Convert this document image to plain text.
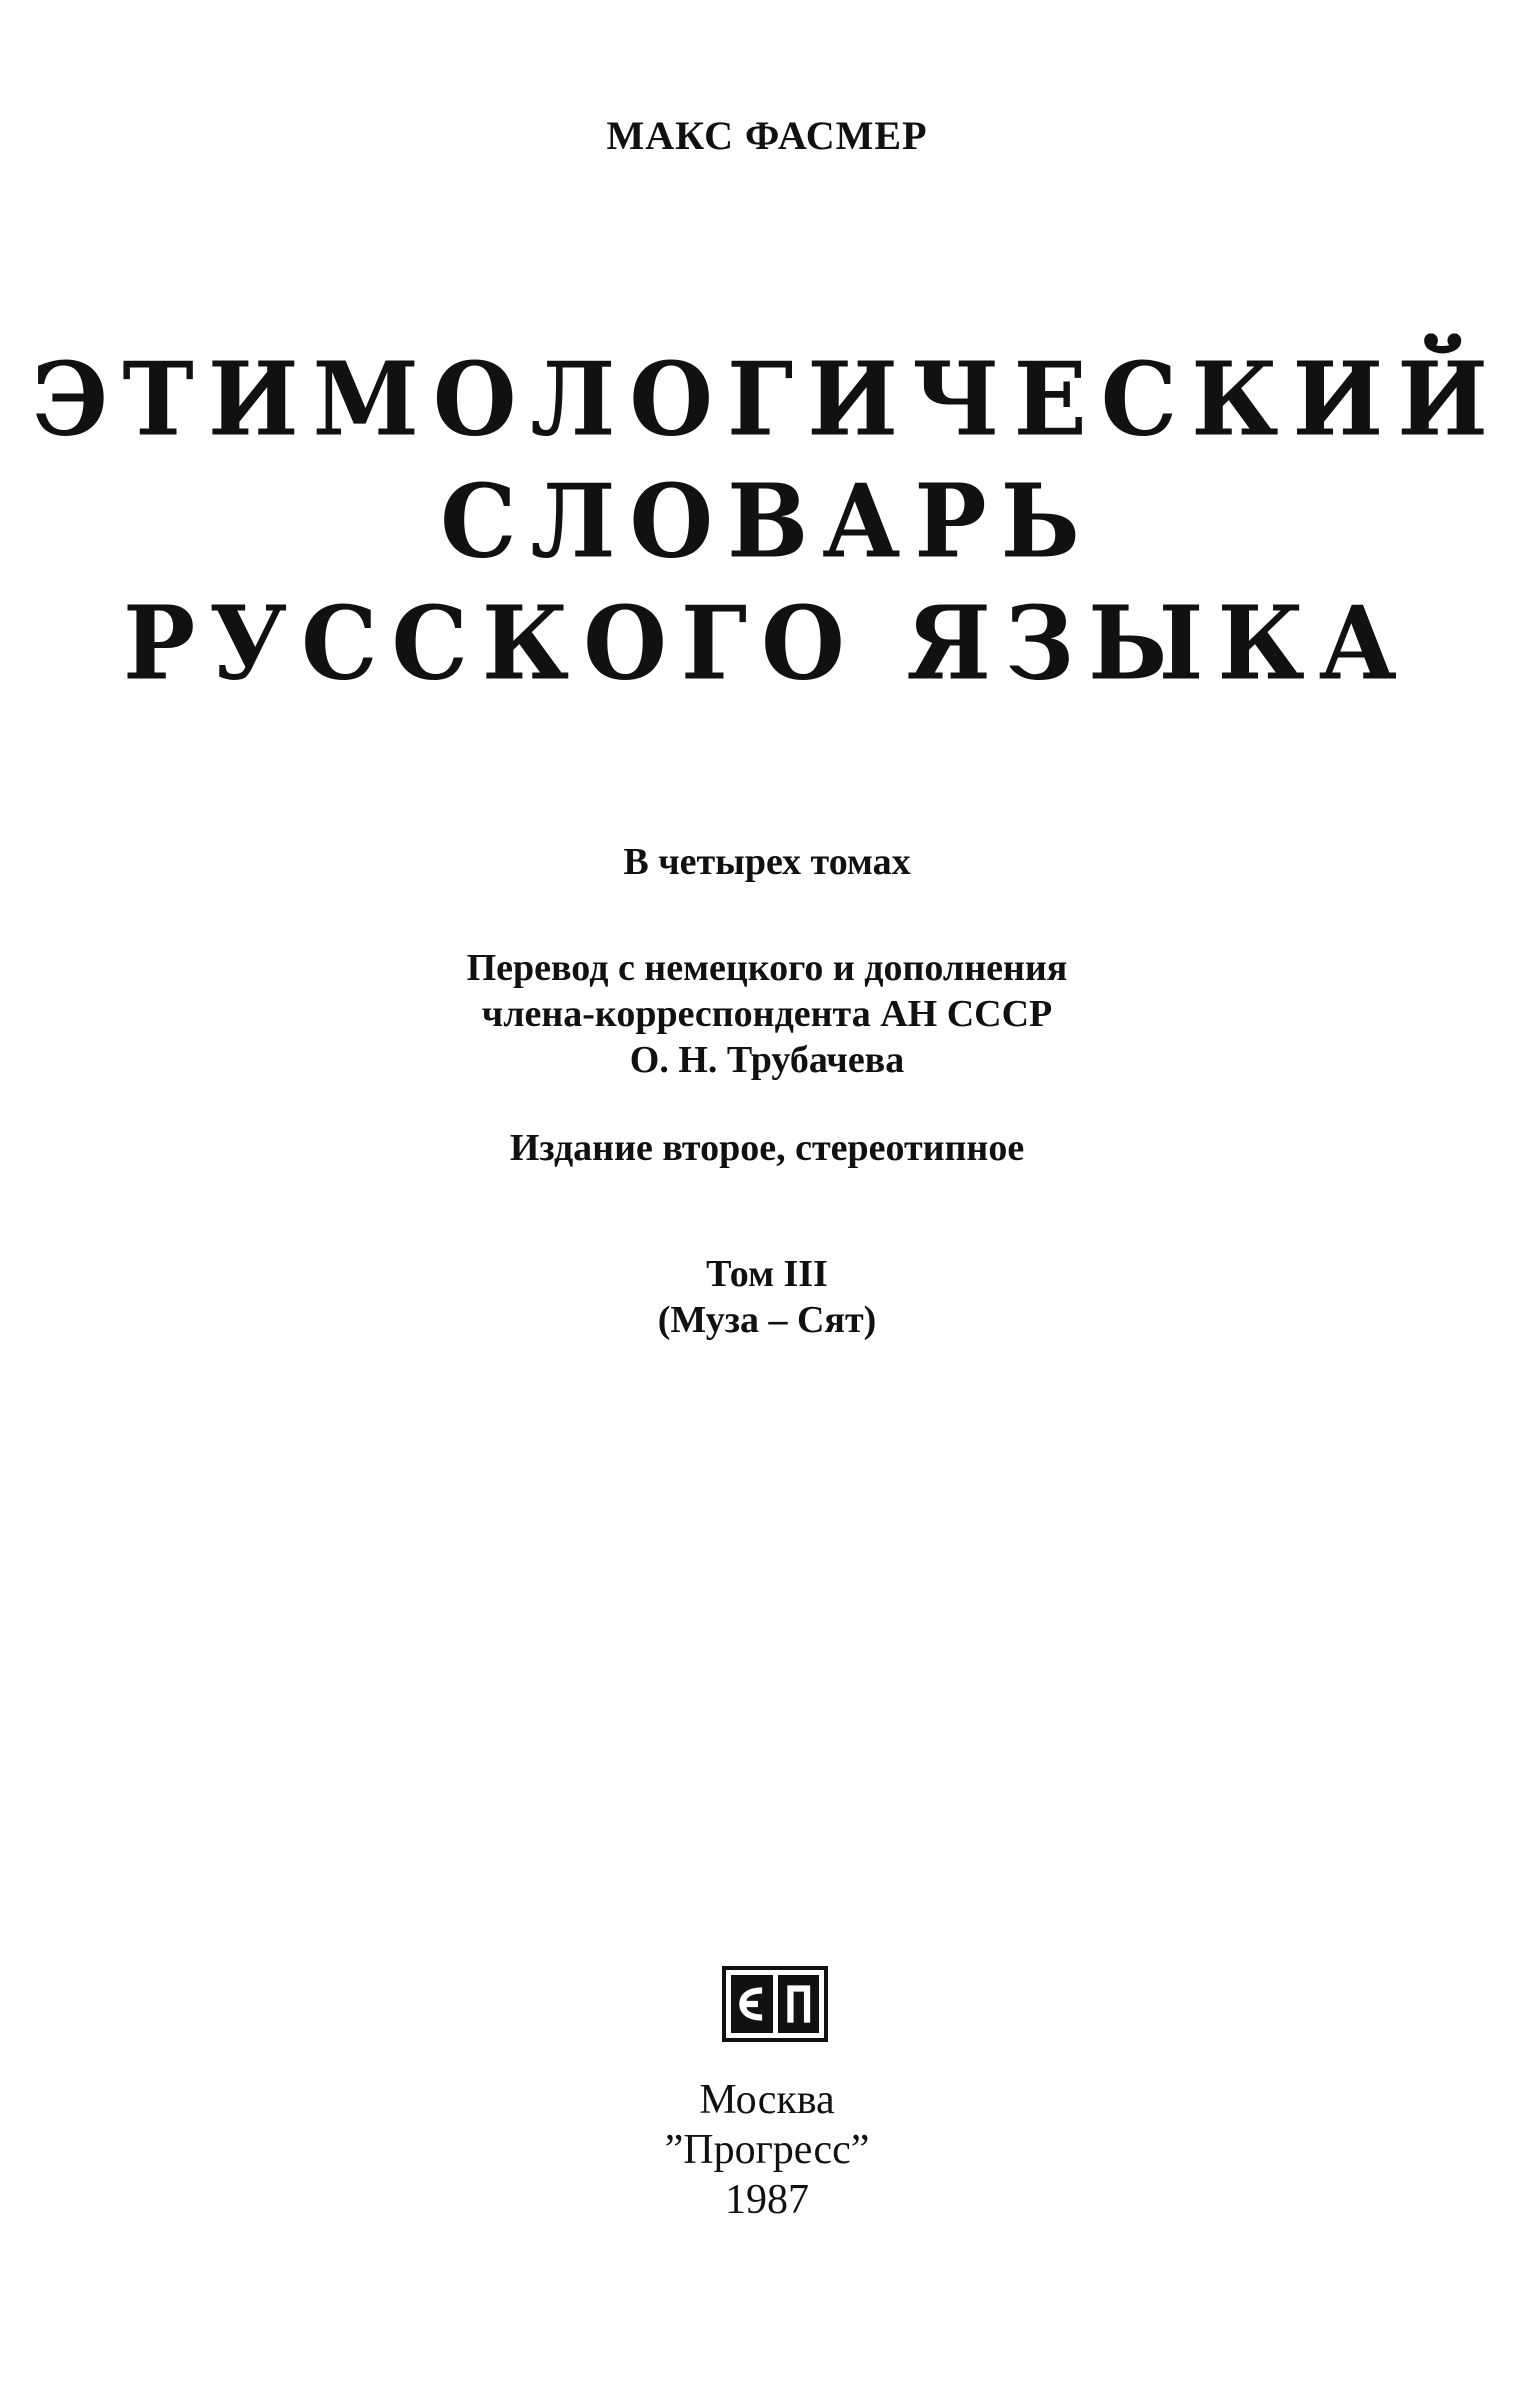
МАКС ФАСМЕР
ЭТИМОЛОГИЧЕСКИЙ
СЛОВАРЬ
РУССКОГО ЯЗЫКА
В четырех томах
Перевод с немецкого и дополнения
члена-корреспондента АН СССР
О. Н. Трубачева
Издание второе, стереотипное
Том III
(Муза – Сят)
Москва
”Прогресс”
1987
